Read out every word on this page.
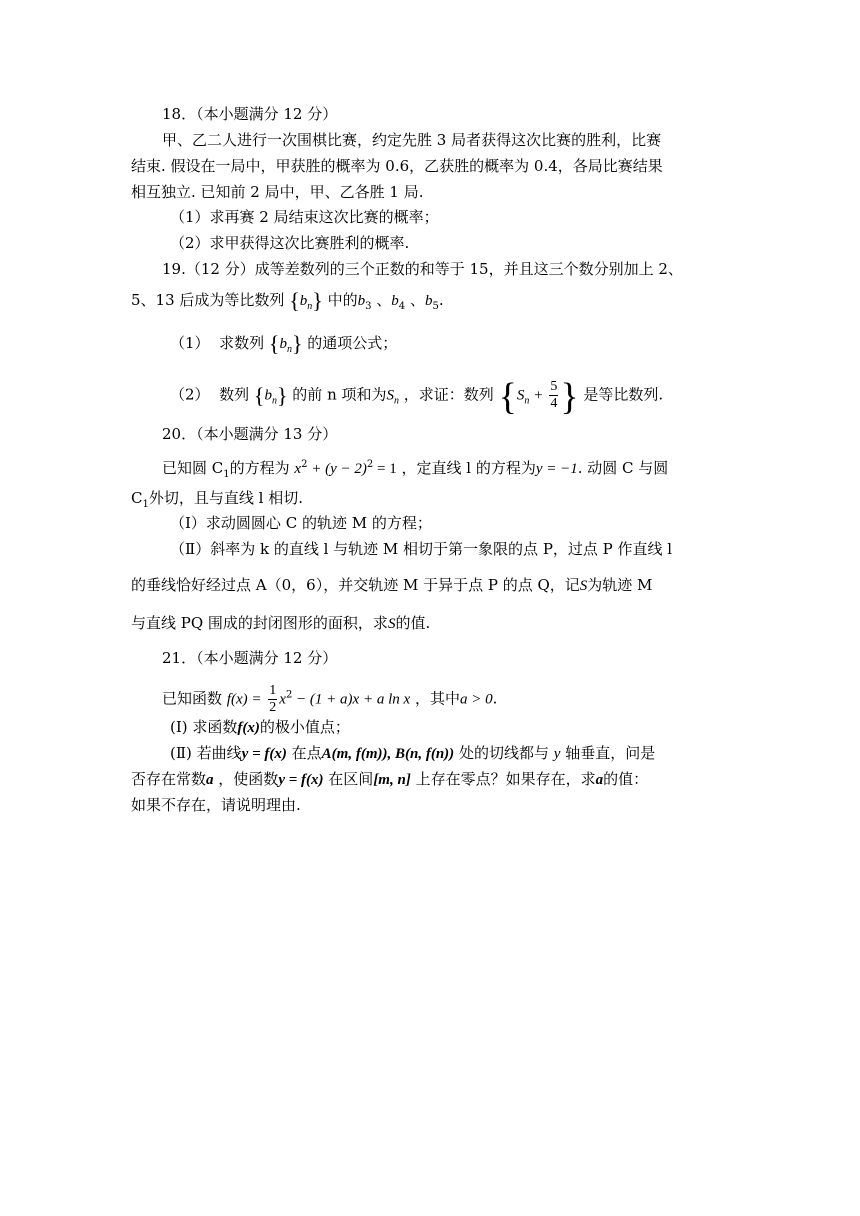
18．（本小题满分 12 分）
甲、乙二人进行一次围棋比赛，约定先胜 3 局者获得这次比赛的胜利，比赛
结束. 假设在一局中，甲获胜的概率为 0.6，乙获胜的概率为 0.4，各局比赛结果
相互独立. 已知前 2 局中，甲、乙各胜 1 局.
（1）求再赛 2 局结束这次比赛的概率；
（2）求甲获得这次比赛胜利的概率.
19.（12 分）成等差数列的三个正数的和等于 15，并且这三个数分别加上 2、
5、13 后成为等比数列 $\{b_n\}$ 中的$b_3$ 、$b_4$ 、$b_5$.
（1） 求数列 $\{b_n\}$ 的通项公式；
（2） 数列 $\{b_n\}$ 的前 n 项和为$S_n$ ，求证：数列 {$S_n + \frac{5}{4}$ } 是等比数列.
20．（本小题满分 13 分）
已知圆 $C_1$的方程为 $x^2 + (y - 2)^2 = 1$ ，定直线 l 的方程为y = −1. 动圆 C 与圆
$C_1$外切，且与直线 l 相切.
（Ⅰ）求动圆圆心 C 的轨迹 M 的方程；
（Ⅱ）斜率为 k 的直线 l 与轨迹 M 相切于第一象限的点 P，过点 P 作直线 l
的垂线恰好经过点 A（0，6），并交轨迹 M 于异于点 P 的点 Q，记S为轨迹 M
与直线 PQ 围成的封闭图形的面积，求S的值.
21．（本小题满分 12 分）
已知函数 $f(x) = \frac{1}{2} x^2 - (1 + a)x + a$ ln x ，其中a > 0.
(Ⅰ) 求函数f(x)的极小值点；
(Ⅱ) 若曲线y = f(x) 在点A(m, f(m)), B(n, f(n)) 处的切线都与 y 轴垂直，问是
否存在常数a ，使函数y = f(x) 在区间[m, n] 上存在零点？如果存在，求a的值：
如果不存在，请说明理由.
